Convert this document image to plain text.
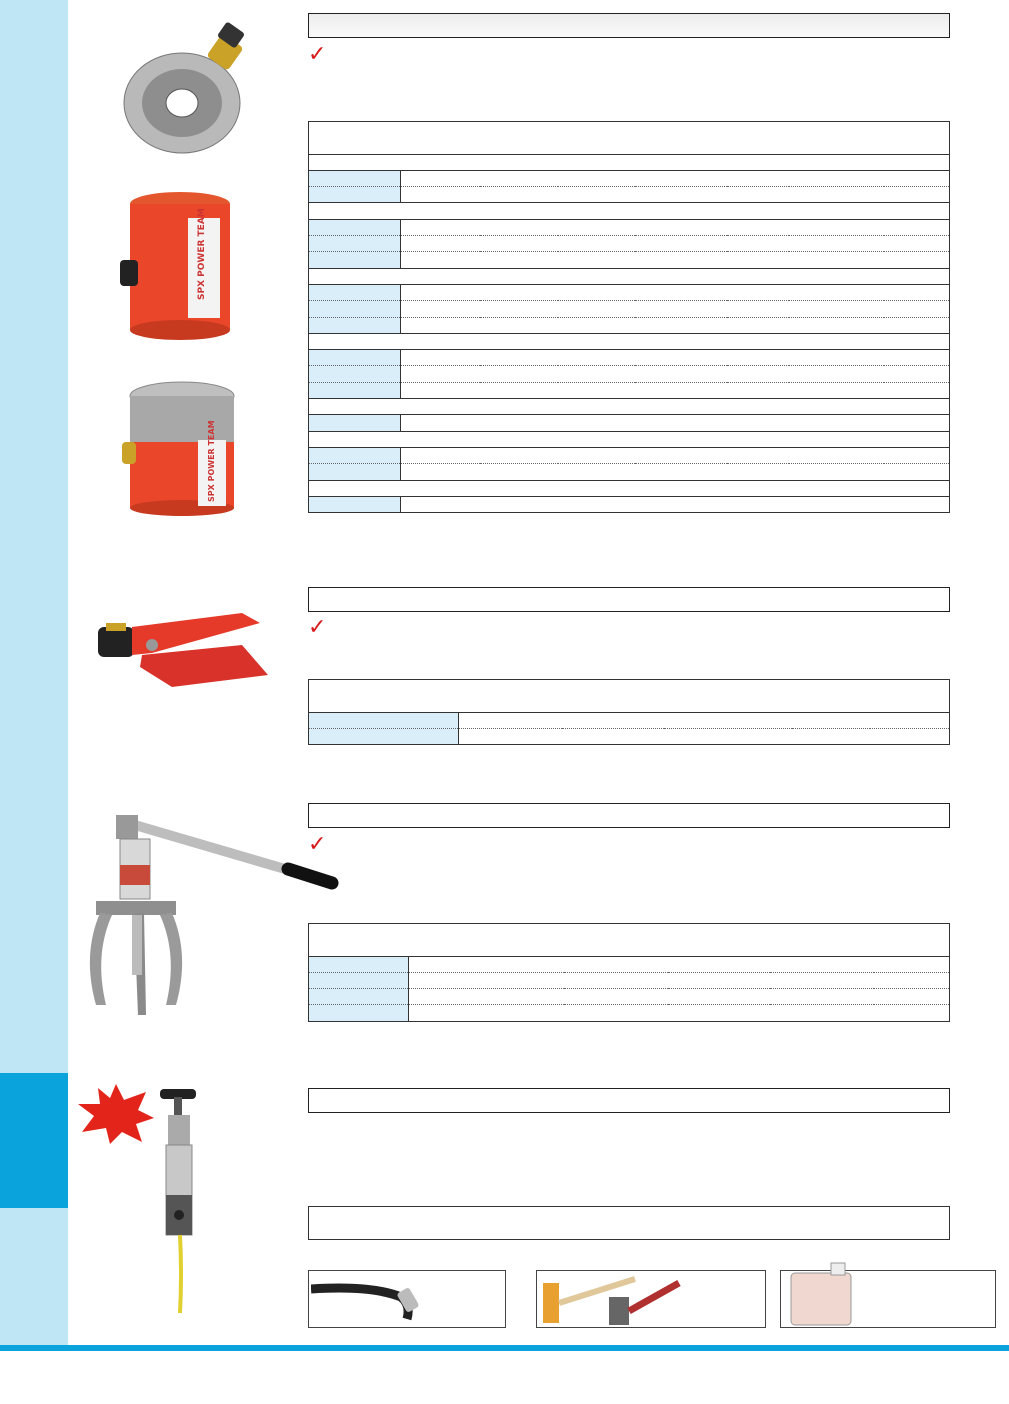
SPX POWER TEAM
SPX POWER TEAM
✓

✓

✓
